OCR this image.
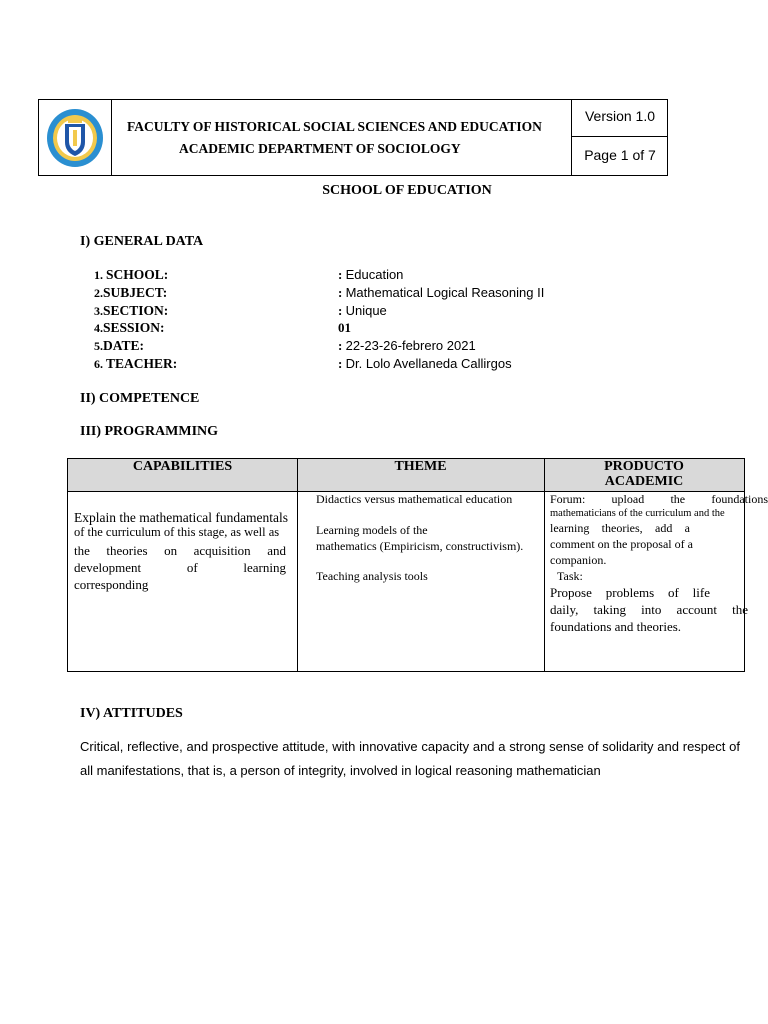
FACULTY OF HISTORICAL SOCIAL SCIENCES AND EDUCATION
ACADEMIC DEPARTMENT OF SOCIOLOGY
Version 1.0
Page 1 of 7
SCHOOL OF EDUCATION
I) GENERAL DATA
1. SCHOOL:
2.SUBJECT:
3.SECTION:
4.SESSION:
5.DATE:
6. TEACHER:
: Education
: Mathematical Logical Reasoning II
: Unique
01
: 22-23-26-febrero 2021
: Dr. Lolo Avellaneda Callirgos
II) COMPETENCE
III) PROGRAMMING
CAPABILITIES	THEME	PRODUCTO
ACADEMIC
Explain the mathematical fundamentals
of the curriculum of this stage, as well as
the theories on acquisition and
development of learning
corresponding
Didactics versus mathematical education
Learning models of the
mathematics (Empiricism, constructivism).
Teaching analysis tools
Forum: upload the foundations
mathematicians of the curriculum and the
learning theories, add a
comment on the proposal of a
companion.
Task:
Propose problems of life
daily, taking into account the
foundations and theories.
IV) ATTITUDES
Critical, reflective, and prospective attitude, with innovative capacity and a strong sense of solidarity and respect of all manifestations, that is, a person of integrity, involved in logical reasoning mathematician
